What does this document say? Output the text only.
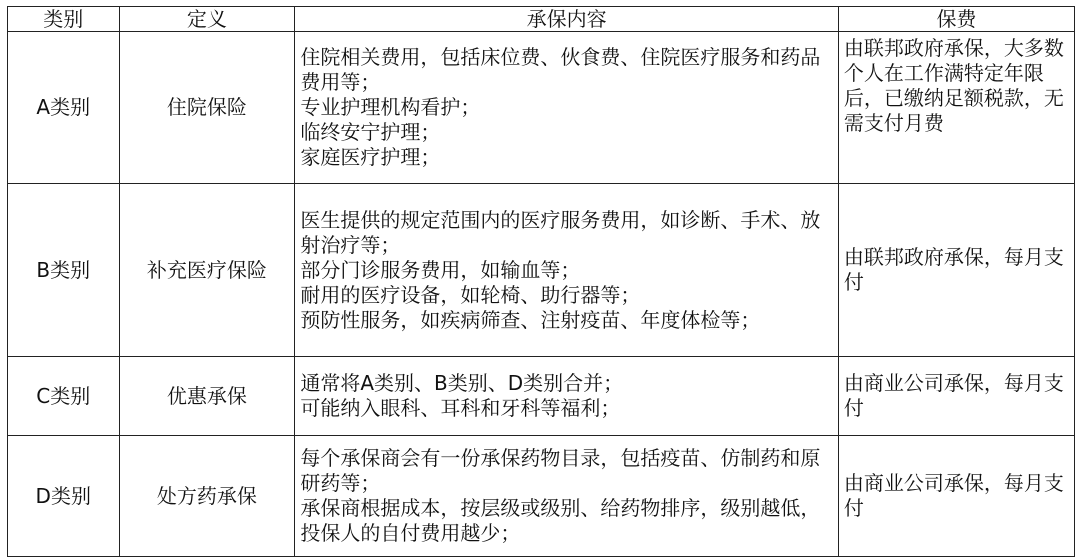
类别	定义	承保内容	保费
A类别	住院保险	住院相关费用，包括床位费、伙食费、住院医疗服务和药品费用等；
专业护理机构看护；
临终安宁护理；
家庭医疗护理；	由联邦政府承保，大多数个人在工作满特定年限后，已缴纳足额税款，无需支付月费
B类别	补充医疗保险	医生提供的规定范围内的医疗服务费用，如诊断、手术、放射治疗等；
部分门诊服务费用，如输血等；
耐用的医疗设备，如轮椅、助行器等；
预防性服务，如疾病筛查、注射疫苗、年度体检等；	由联邦政府承保，每月支付
C类别	优惠承保	通常将A类别、B类别、D类别合并；
可能纳入眼科、耳科和牙科等福利；	由商业公司承保，每月支付
D类别	处方药承保	每个承保商会有一份承保药物目录，包括疫苗、仿制药和原研药等；
承保商根据成本，按层级或级别、给药物排序，级别越低，投保人的自付费用越少；	由商业公司承保，每月支付
